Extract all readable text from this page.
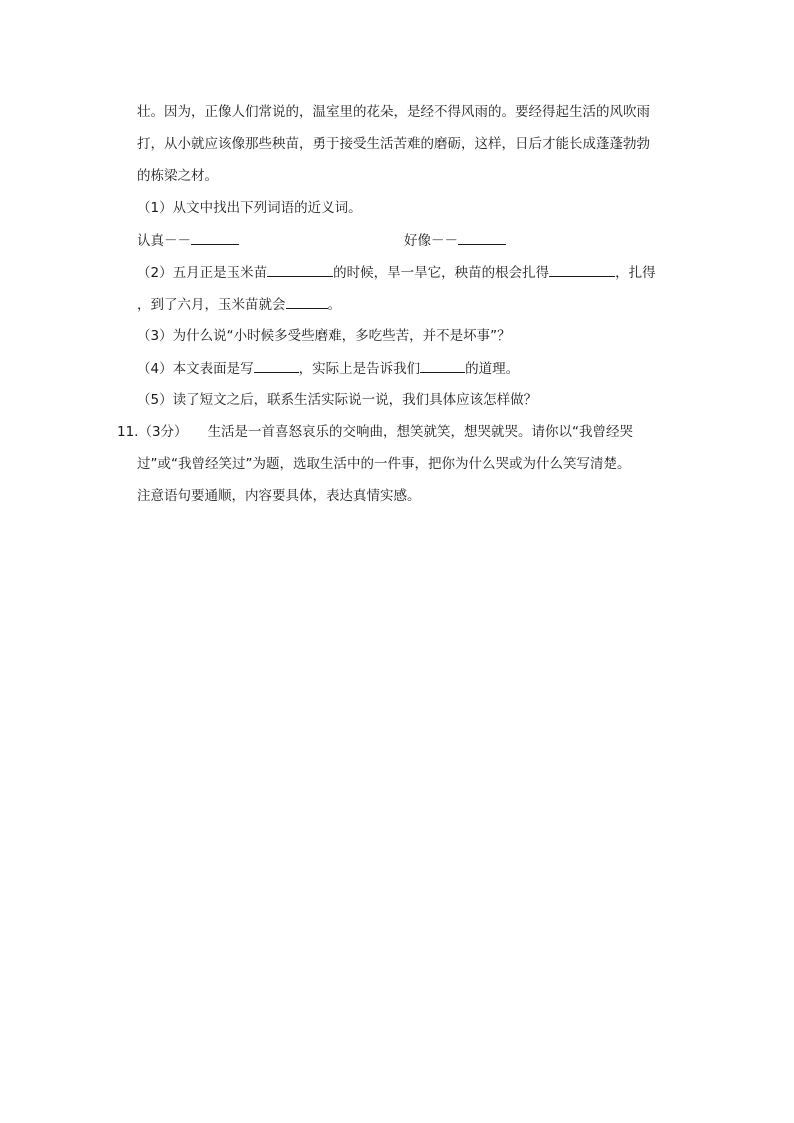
壮。因为，正像人们常说的，温室里的花朵，是经不得风雨的。要经得起生活的风吹雨
打，从小就应该像那些秧苗，勇于接受生活苦难的磨砺，这样，日后才能长成蓬蓬勃勃
的栋梁之材。
（1）从文中找出下列词语的近义词。
认真－－	好像－－
（2）五月正是玉米苗	的时候，旱一旱它，秧苗的根会扎得	，扎得
，到了六月，玉米苗就会	。
（3）为什么说“小时候多受些磨难，多吃些苦，并不是坏事”？
（4）本文表面是写	，实际上是告诉我们	的道理。
（5）读了短文之后，联系生活实际说一说，我们具体应该怎样做？
11.（3分） 生活是一首喜怒哀乐的交响曲，想笑就笑，想哭就哭。请你以“我曾经哭
过”或“我曾经笑过”为题，选取生活中的一件事，把你为什么哭或为什么笑写清楚。
注意语句要通顺，内容要具体，表达真情实感。
